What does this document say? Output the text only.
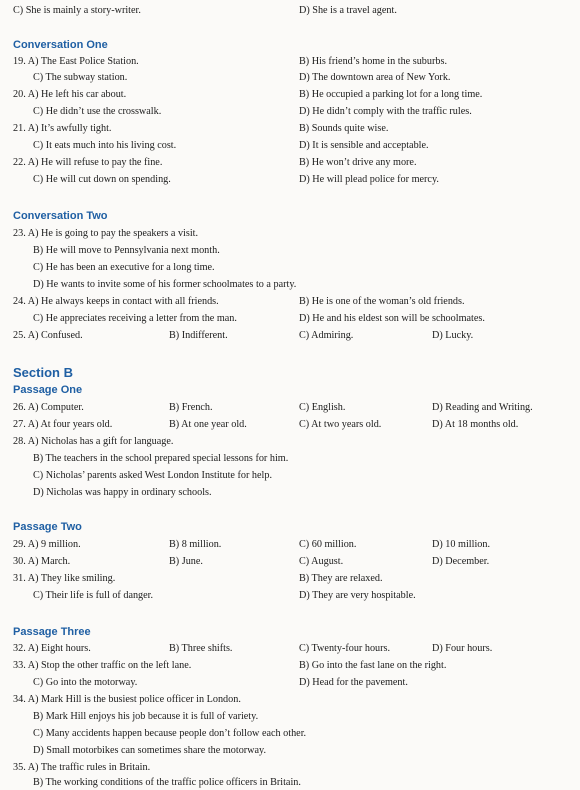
C) She is mainly a story-writer.	D) She is a travel agent.
Conversation One
19. A) The East Police Station.	B) His friend’s home in the suburbs.
C) The subway station.	D) The downtown area of New York.
20. A) He left his car about.	B) He occupied a parking lot for a long time.
C) He didn’t use the crosswalk.	D) He didn’t comply with the traffic rules.
21. A) It’s awfully tight.	B) Sounds quite wise.
C) It eats much into his living cost.	D) It is sensible and acceptable.
22. A) He will refuse to pay the fine.	B) He won’t drive any more.
C) He will cut down on spending.	D) He will plead police for mercy.
Conversation Two
23. A) He is going to pay the speakers a visit.
B) He will move to Pennsylvania next month.
C) He has been an executive for a long time.
D) He wants to invite some of his former schoolmates to a party.
24. A) He always keeps in contact with all friends.	B) He is one of the woman’s old friends.
C) He appreciates receiving a letter from the man.	D) He and his eldest son will be schoolmates.
25. A) Confused.	B) Indifferent.	C) Admiring.	D) Lucky.
Section B
Passage One
26. A) Computer.	B) French.	C) English.	D) Reading and Writing.
27. A) At four years old.	B) At one year old.	C) At two years old.	D) At 18 months old.
28. A) Nicholas has a gift for language.
B) The teachers in the school prepared special lessons for him.
C) Nicholas’ parents asked West London Institute for help.
D) Nicholas was happy in ordinary schools.
Passage Two
29. A) 9 million.	B) 8 million.	C) 60 million.	D) 10 million.
30. A) March.	B) June.	C) August.	D) December.
31. A) They like smiling.	B) They are relaxed.
C) Their life is full of danger.	D) They are very hospitable.
Passage Three
32. A) Eight hours.	B) Three shifts.	C) Twenty-four hours.	D) Four hours.
33. A) Stop the other traffic on the left lane.	B) Go into the fast lane on the right.
C) Go into the motorway.	D) Head for the pavement.
34. A) Mark Hill is the busiest police officer in London.
B) Mark Hill enjoys his job because it is full of variety.
C) Many accidents happen because people don’t follow each other.
D) Small motorbikes can sometimes share the motorway.
35. A) The traffic rules in Britain.
B) The working conditions of the traffic police officers in Britain.
